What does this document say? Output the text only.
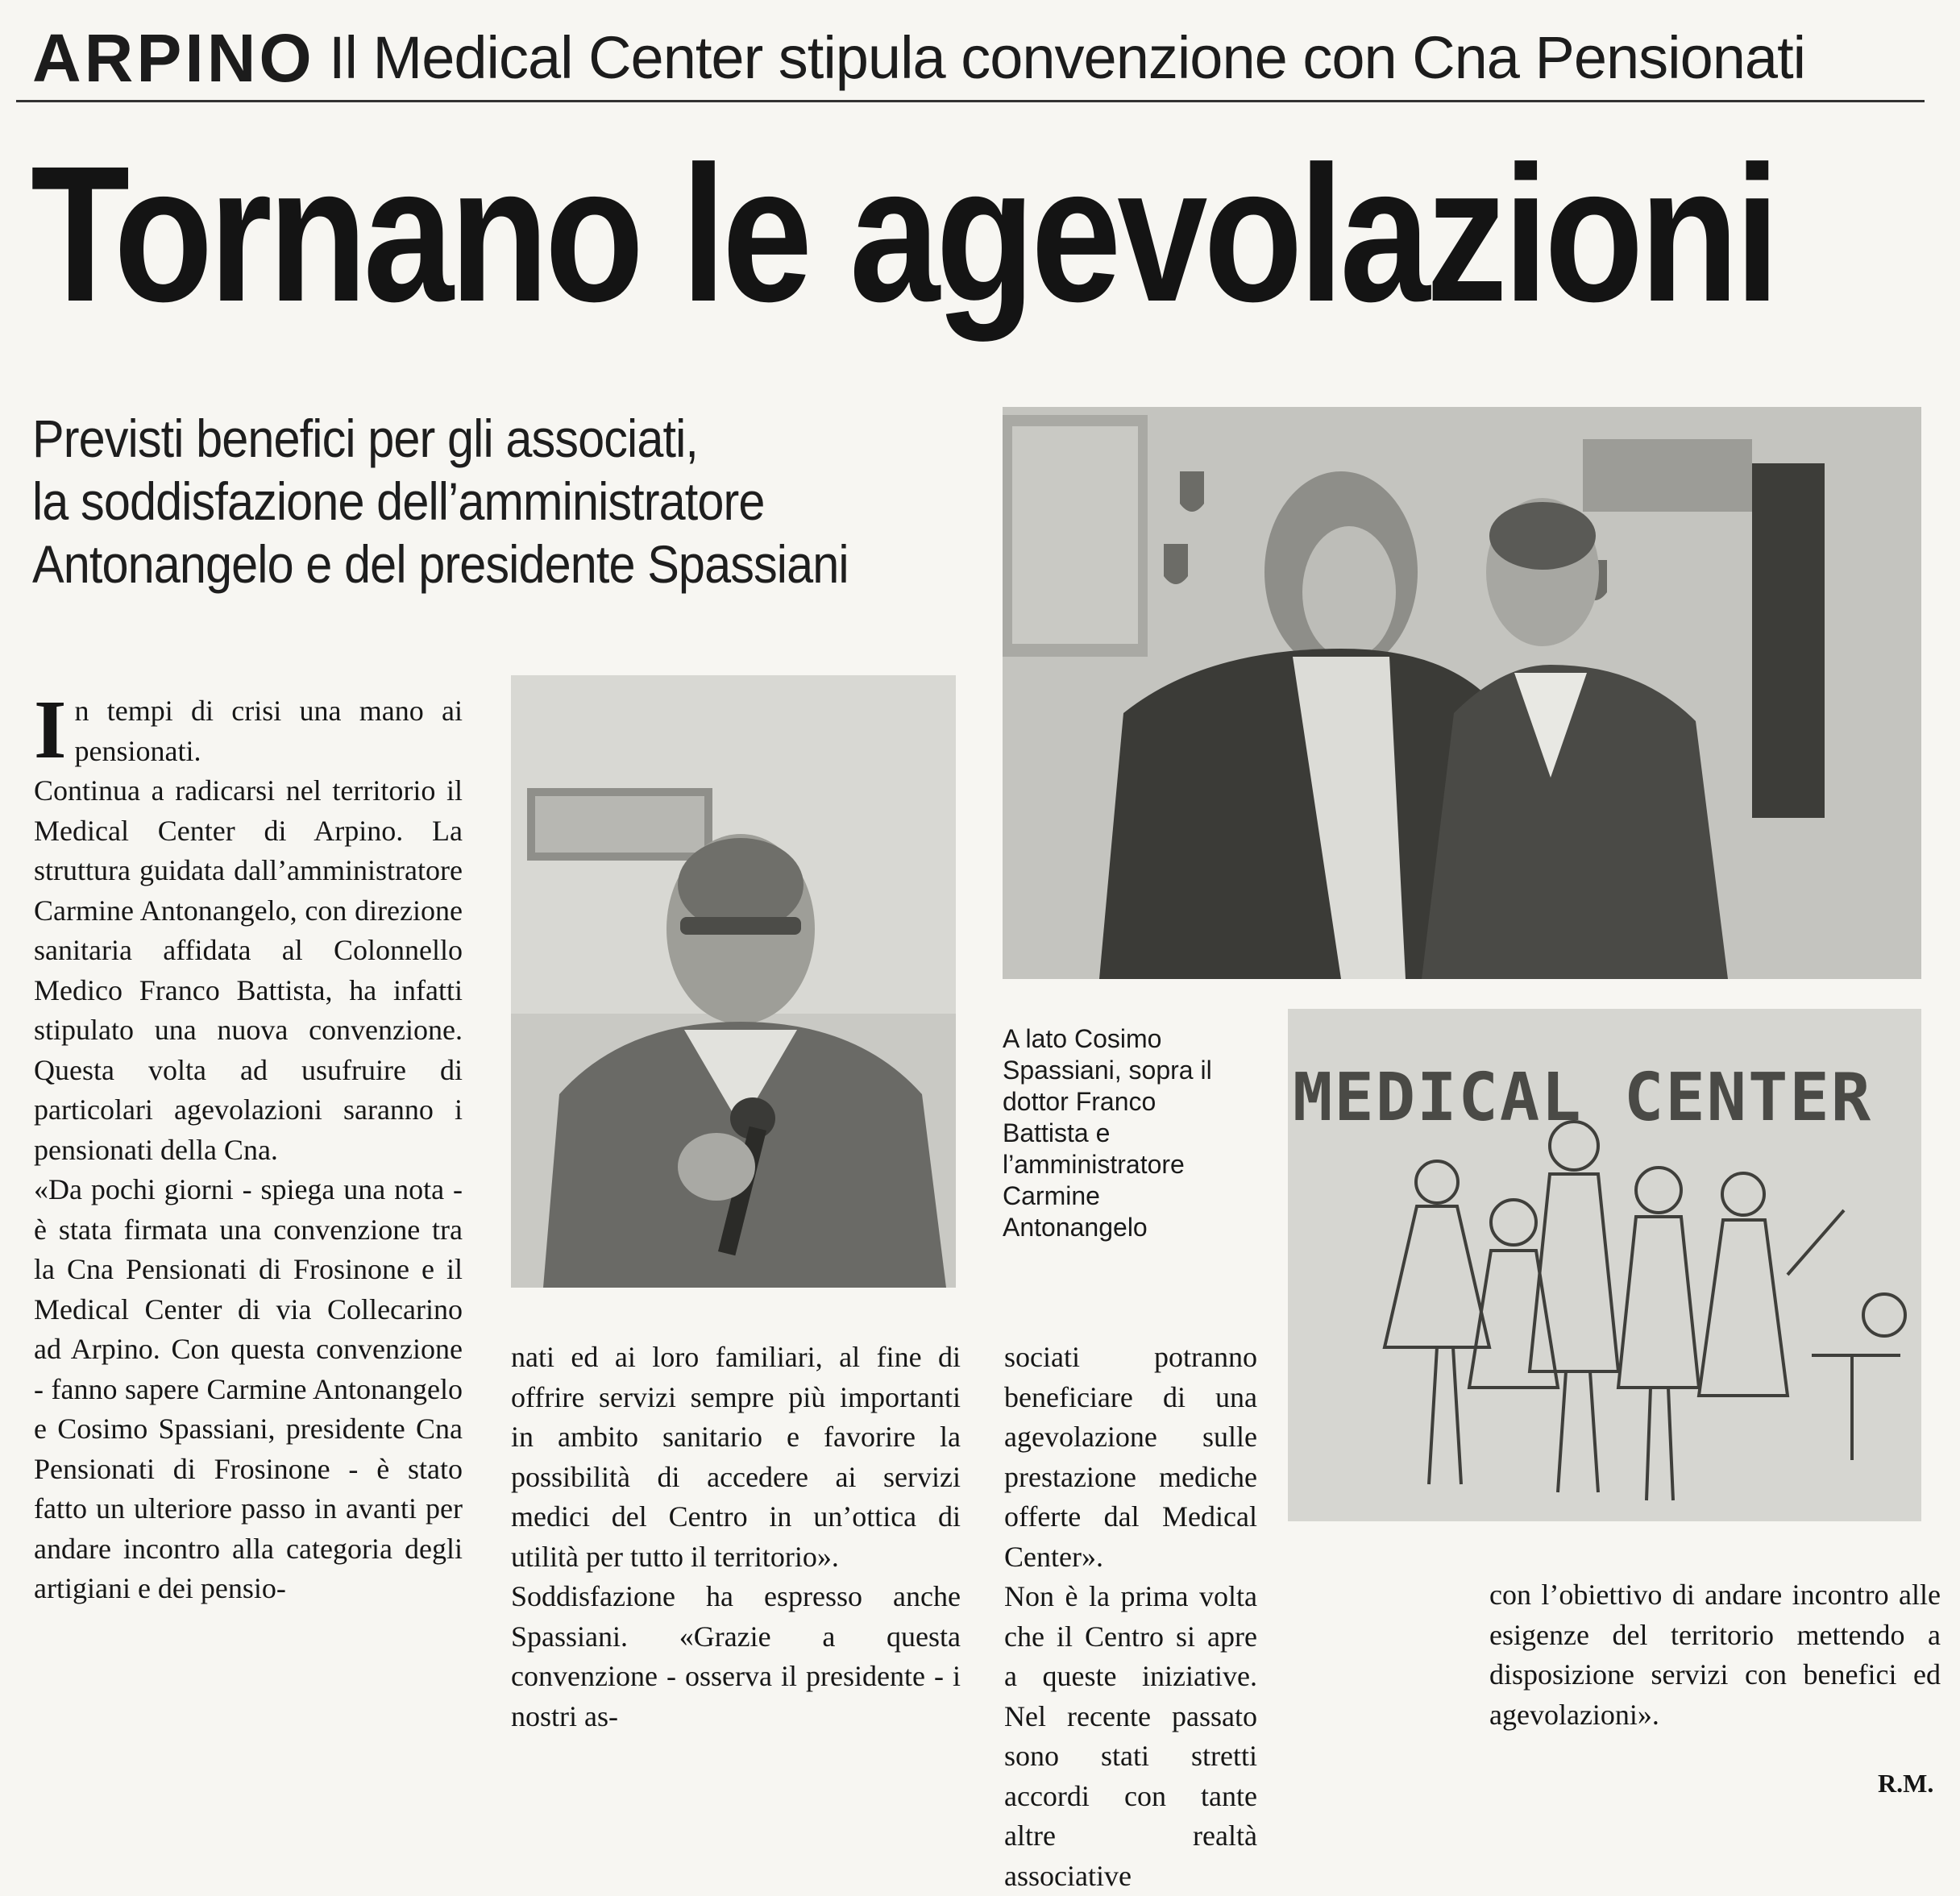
ARPINO Il Medical Center stipula convenzione con Cna Pensionati
Tornano le agevolazioni
Previsti benefici per gli associati,
la soddisfazione dell’amministratore
Antonangelo e del presidente Spassiani

In tempi di crisi una mano ai pensionati.

Continua a radicarsi nel territorio il Medical Center di Arpino. La struttura guidata dall’amministratore Carmine Antonangelo, con direzione sanitaria affidata al Colonnello Medico Franco Battista, ha infatti stipulato una nuova convenzione. Questa volta ad usufruire di particolari agevolazioni saranno i pensionati della Cna.

«Da pochi giorni - spiega una nota - è stata firmata una convenzione tra la Cna Pensionati di Frosinone e il Medical Center di via Collecarino ad Arpino. Con questa convenzione - fanno sapere Carmine Antonangelo e Cosimo Spassiani, presidente Cna Pensionati di Frosinone - è stato fatto un ulteriore passo in avanti per andare incontro alla categoria degli artigiani e dei pensio-

A lato Cosimo Spassiani, sopra il dottor Franco Battista e l’amministratore Carmine Antonangelo
MEDICAL CENTER

nati ed ai loro familiari, al fine di offrire servizi sempre più importanti in ambito sanitario e favorire la possibilità di accedere ai servizi medici del Centro in un’ottica di utilità per tutto il territorio».

Soddisfazione ha espresso anche Spassiani. «Grazie a questa convenzione - osserva il presidente - i nostri as-

sociati potranno beneficiare di una agevolazione sulle prestazione mediche offerte dal Medical Center».

Non è la prima volta che il Centro si apre a queste iniziative. Nel recente passato sono stati stretti accordi con tante altre realtà associative

con l’obiettivo di andare incontro alle esigenze del territorio mettendo a disposizione servizi con benefici ed agevolazioni».

R.M.
